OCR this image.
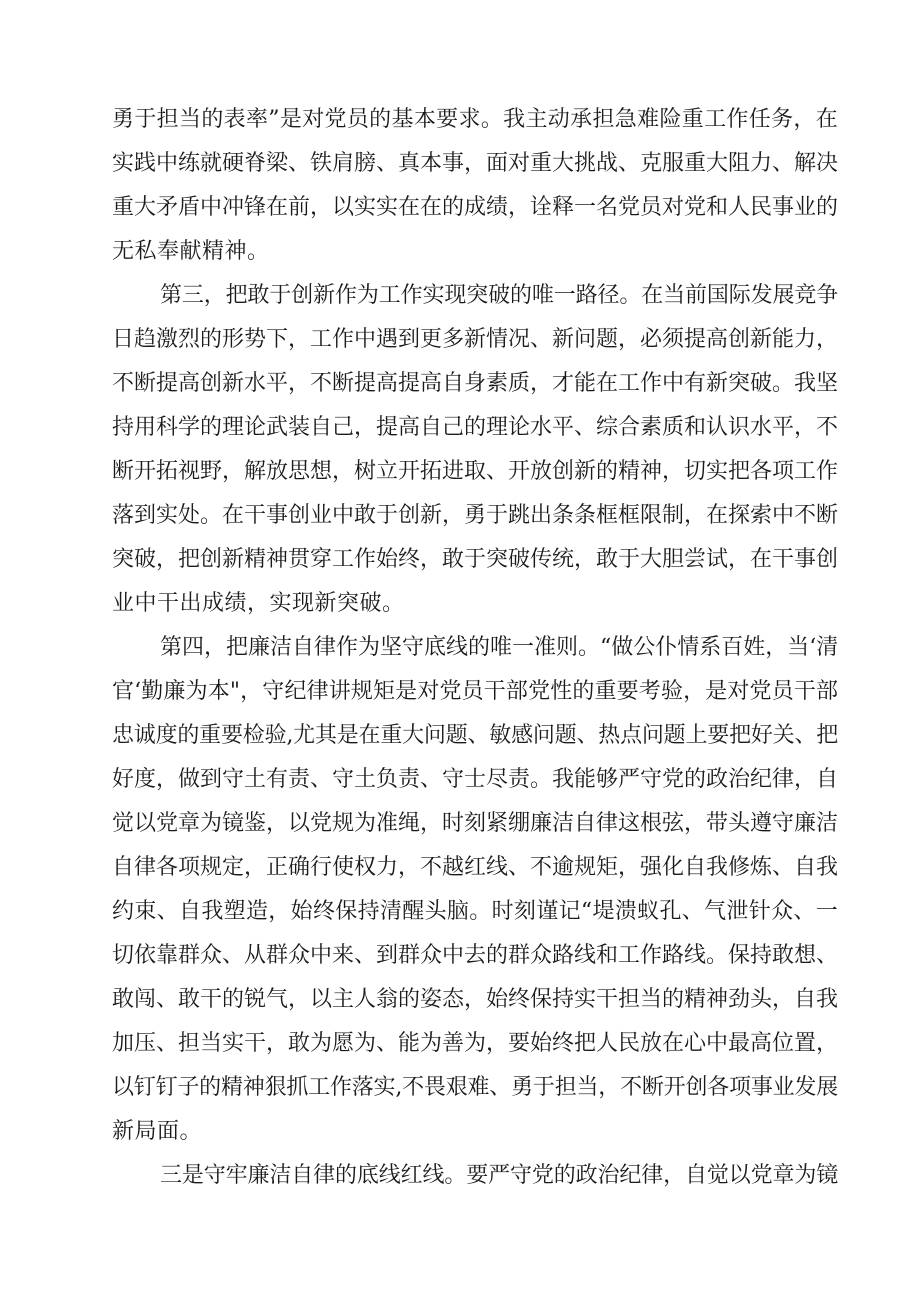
勇于担当的表率”是对党员的基本要求。我主动承担急难险重工作任务，在
实践中练就硬脊梁、铁肩膀、真本事，面对重大挑战、克服重大阻力、解决
重大矛盾中冲锋在前，以实实在在的成绩，诠释一名党员对党和人民事业的
无私奉献精神。
第三，把敢于创新作为工作实现突破的唯一路径。在当前国际发展竞争
日趋激烈的形势下，工作中遇到更多新情况、新问题，必须提高创新能力，
不断提高创新水平，不断提高提高自身素质，才能在工作中有新突破。我坚
持用科学的理论武装自己，提高自己的理论水平、综合素质和认识水平，不
断开拓视野，解放思想，树立开拓进取、开放创新的精神，切实把各项工作
落到实处。在干事创业中敢于创新，勇于跳出条条框框限制，在探索中不断
突破，把创新精神贯穿工作始终，敢于突破传统，敢于大胆尝试，在干事创
业中干出成绩，实现新突破。
第四，把廉洁自律作为坚守底线的唯一准则。“做公仆情系百姓，当‘清
官‘勤廉为本"，守纪律讲规矩是对党员干部党性的重要考验，是对党员干部
忠诚度的重要检验,尤其是在重大问题、敏感问题、热点问题上要把好关、把
好度，做到守土有责、守土负责、守士尽责。我能够严守党的政治纪律，自
觉以党章为镜鉴，以党规为准绳，时刻紧绷廉洁自律这根弦，带头遵守廉洁
自律各项规定，正确行使权力，不越红线、不逾规矩，强化自我修炼、自我
约束、自我塑造，始终保持清醒头脑。时刻谨记“堤溃蚁孔、气泄针众、一
切依靠群众、从群众中来、到群众中去的群众路线和工作路线。保持敢想、
敢闯、敢干的锐气，以主人翁的姿态，始终保持实干担当的精神劲头，自我
加压、担当实干，敢为愿为、能为善为，要始终把人民放在心中最高位置，
以钉钉子的精神狠抓工作落实,不畏艰难、勇于担当，不断开创各项事业发展
新局面。
三是守牢廉洁自律的底线红线。要严守党的政治纪律，自觉以党章为镜
